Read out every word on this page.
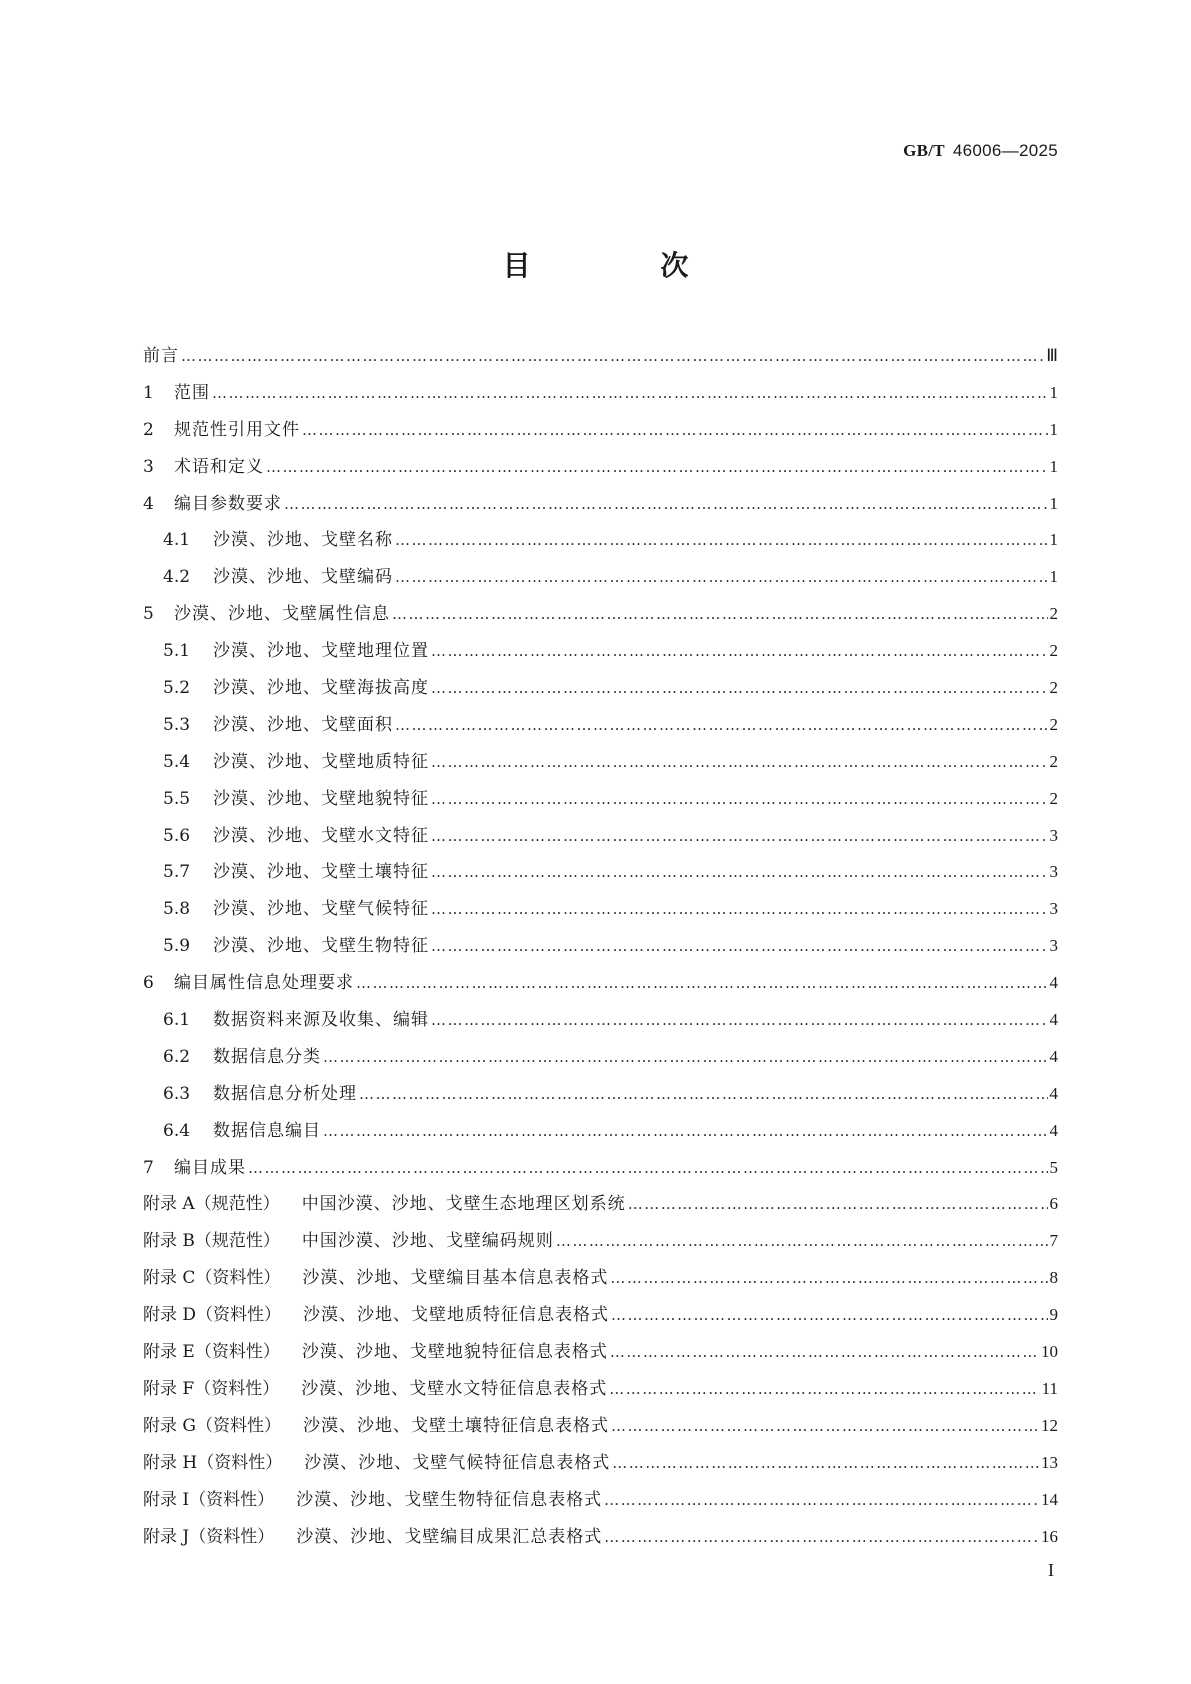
GB/T 46006—2025
目 次
前言 …………………………………………………………………………………………………………………………………………………………………………………………………………………………………………………………………………………………………………………………………………	Ⅲ
1	范围 …………………………………………………………………………………………………………………………………………………………………………………………………………………………………………………………………………………………………………………………………………	1
2	规范性引用文件 …………………………………………………………………………………………………………………………………………………………………………………………………………………………………………………………………………………………………………………………………………	1
3	术语和定义 …………………………………………………………………………………………………………………………………………………………………………………………………………………………………………………………………………………………………………………………………………	1
4	编目参数要求 …………………………………………………………………………………………………………………………………………………………………………………………………………………………………………………………………………………………………………………………………………	1
4.1	沙漠、沙地、戈壁名称 …………………………………………………………………………………………………………………………………………………………………………………………………………………………………………………………………………………………………………………………………………	1
4.2	沙漠、沙地、戈壁编码 …………………………………………………………………………………………………………………………………………………………………………………………………………………………………………………………………………………………………………………………………………	1
5	沙漠、沙地、戈壁属性信息 …………………………………………………………………………………………………………………………………………………………………………………………………………………………………………………………………………………………………………………………………………	2
5.1	沙漠、沙地、戈壁地理位置 …………………………………………………………………………………………………………………………………………………………………………………………………………………………………………………………………………………………………………………………………………	2
5.2	沙漠、沙地、戈壁海拔高度 …………………………………………………………………………………………………………………………………………………………………………………………………………………………………………………………………………………………………………………………………………	2
5.3	沙漠、沙地、戈壁面积 …………………………………………………………………………………………………………………………………………………………………………………………………………………………………………………………………………………………………………………………………………	2
5.4	沙漠、沙地、戈壁地质特征 …………………………………………………………………………………………………………………………………………………………………………………………………………………………………………………………………………………………………………………………………………	2
5.5	沙漠、沙地、戈壁地貌特征 …………………………………………………………………………………………………………………………………………………………………………………………………………………………………………………………………………………………………………………………………………	2
5.6	沙漠、沙地、戈壁水文特征 …………………………………………………………………………………………………………………………………………………………………………………………………………………………………………………………………………………………………………………………………………	3
5.7	沙漠、沙地、戈壁土壤特征 …………………………………………………………………………………………………………………………………………………………………………………………………………………………………………………………………………………………………………………………………………	3
5.8	沙漠、沙地、戈壁气候特征 …………………………………………………………………………………………………………………………………………………………………………………………………………………………………………………………………………………………………………………………………………	3
5.9	沙漠、沙地、戈壁生物特征 …………………………………………………………………………………………………………………………………………………………………………………………………………………………………………………………………………………………………………………………………………	3
6	编目属性信息处理要求 …………………………………………………………………………………………………………………………………………………………………………………………………………………………………………………………………………………………………………………………………………	4
6.1	数据资料来源及收集、编辑 …………………………………………………………………………………………………………………………………………………………………………………………………………………………………………………………………………………………………………………………………………	4
6.2	数据信息分类 …………………………………………………………………………………………………………………………………………………………………………………………………………………………………………………………………………………………………………………………………………	4
6.3	数据信息分析处理 …………………………………………………………………………………………………………………………………………………………………………………………………………………………………………………………………………………………………………………………………………	4
6.4	数据信息编目 …………………………………………………………………………………………………………………………………………………………………………………………………………………………………………………………………………………………………………………………………………	4
7	编目成果 …………………………………………………………………………………………………………………………………………………………………………………………………………………………………………………………………………………………………………………………………………	5
附录 A（规范性） 中国沙漠、沙地、戈壁生态地理区划系统 …………………………………………………………………………………………………………………………………………………………………………………………………………………………………………………………………………………………………………………………………………	6
附录 B（规范性） 中国沙漠、沙地、戈壁编码规则 …………………………………………………………………………………………………………………………………………………………………………………………………………………………………………………………………………………………………………………………………………	7
附录 C（资料性） 沙漠、沙地、戈壁编目基本信息表格式 …………………………………………………………………………………………………………………………………………………………………………………………………………………………………………………………………………………………………………………………………………	8
附录 D（资料性） 沙漠、沙地、戈壁地质特征信息表格式 …………………………………………………………………………………………………………………………………………………………………………………………………………………………………………………………………………………………………………………………………………	9
附录 E（资料性） 沙漠、沙地、戈壁地貌特征信息表格式 …………………………………………………………………………………………………………………………………………………………………………………………………………………………………………………………………………………………………………………………………………	10
附录 F（资料性） 沙漠、沙地、戈壁水文特征信息表格式 …………………………………………………………………………………………………………………………………………………………………………………………………………………………………………………………………………………………………………………………………………	11
附录 G（资料性） 沙漠、沙地、戈壁土壤特征信息表格式 …………………………………………………………………………………………………………………………………………………………………………………………………………………………………………………………………………………………………………………………………………	12
附录 H（资料性） 沙漠、沙地、戈壁气候特征信息表格式 …………………………………………………………………………………………………………………………………………………………………………………………………………………………………………………………………………………………………………………………………………	13
附录 I（资料性） 沙漠、沙地、戈壁生物特征信息表格式 …………………………………………………………………………………………………………………………………………………………………………………………………………………………………………………………………………………………………………………………………………	14
附录 J（资料性） 沙漠、沙地、戈壁编目成果汇总表格式 …………………………………………………………………………………………………………………………………………………………………………………………………………………………………………………………………………………………………………………………………………	16
I
